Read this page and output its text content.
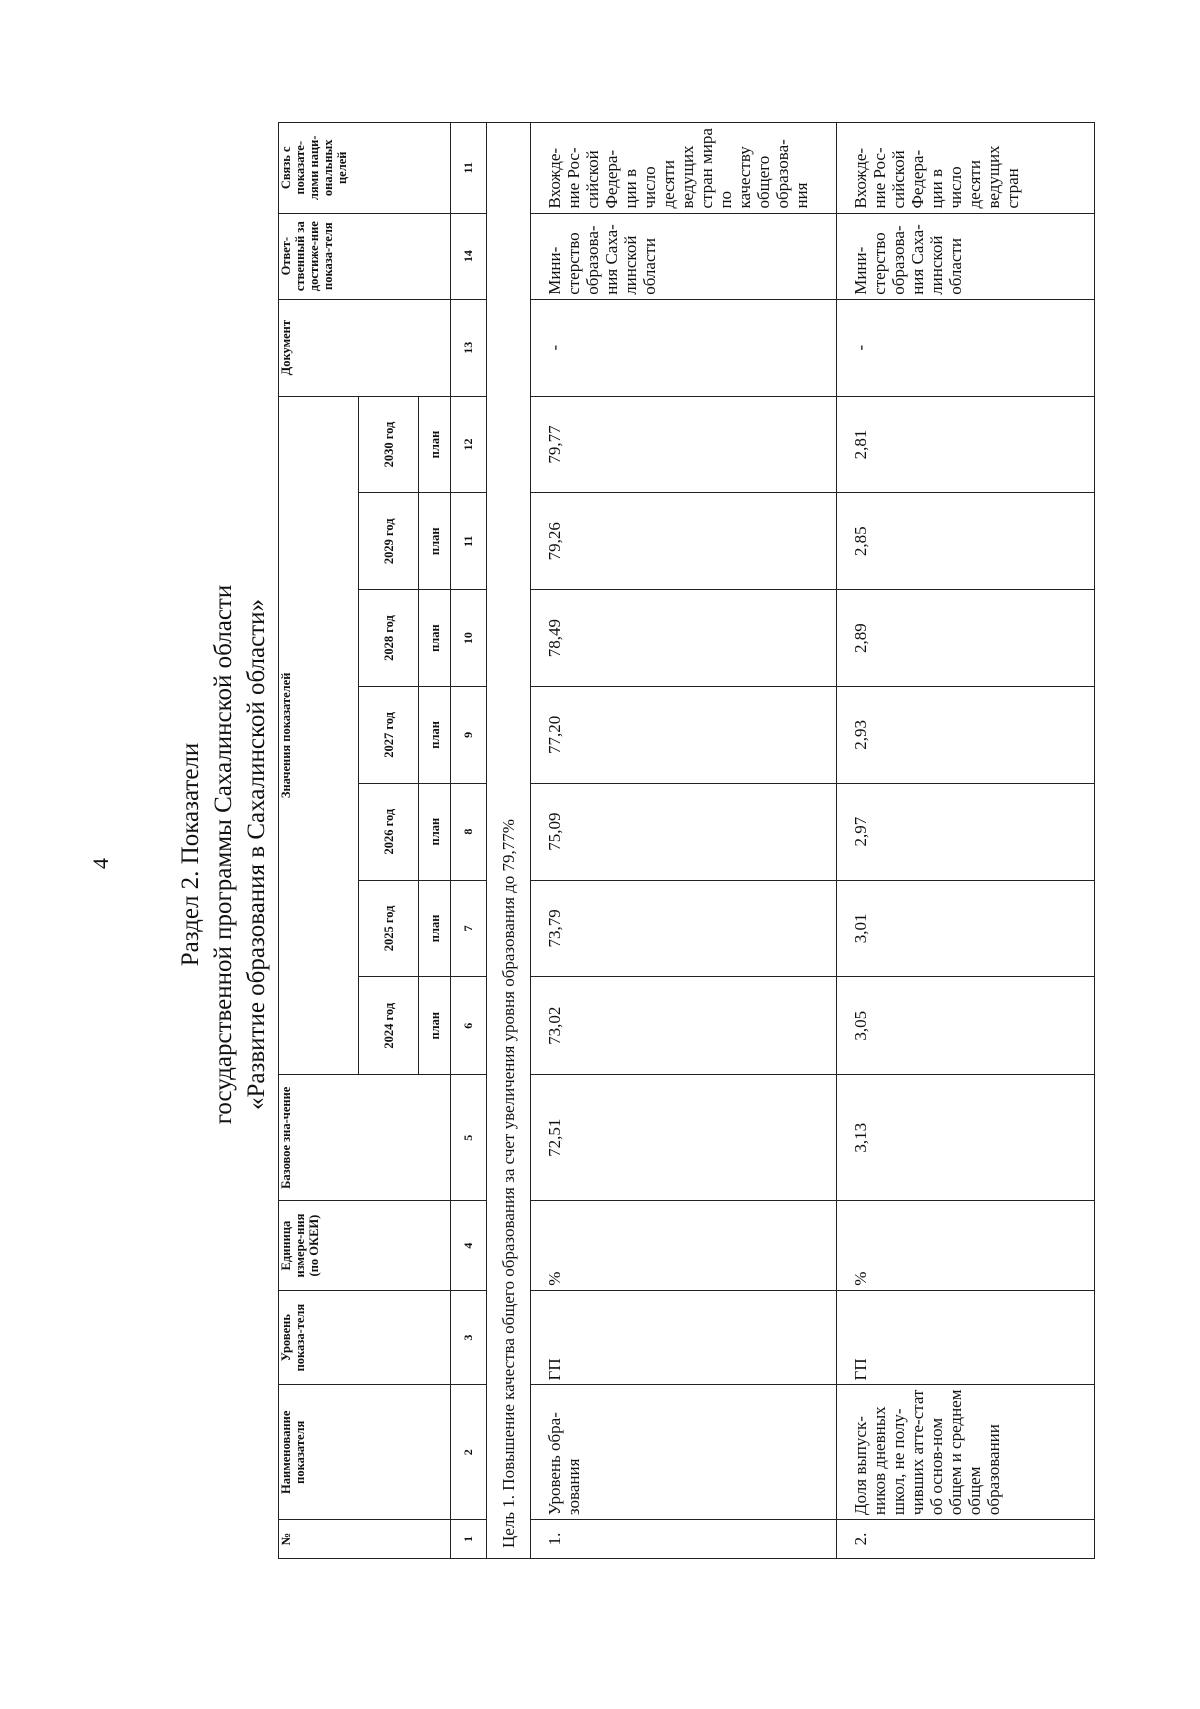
4	Раздел 2. Показатели государственной программы Сахалинской области «Развитие образования в Сахалинской области»
№	Наименование показателя	Уровень показа-теля	Единица измере-ния (по ОКЕИ)	Базовое зна-чение	Значения показателей							Документ	Ответ-ственный за достиже-ние показа-теля	Связь с показате-лями наци-ональных целей
					2024 год	2025 год	2026 год	2027 год	2028 год	2029 год	2030 год			
					план	план	план	план	план	план	план			
1	2	3	4	5	6	7	8	9	10	11	12	13	14	11
Цель 1. Повышение качества общего образования за счет увеличения уровня образования до 79,77%														
1.	Уровень обра-зования	ГП	%	72,51	73,02	73,79	75,09	77,20	78,49	79,26	79,77	-	Мини-стерство образова-ния Саха-линской области	Вхожде-ние Рос-сийской Федера-ции в число десяти ведущих стран мира по качеству общего образова-ния
2.	Доля выпуск-ников дневных школ, не полу-чивших атте-стат об основ-ном общем и среднем общем образовании	ГП	%	3,13	3,05	3,01	2,97	2,93	2,89	2,85	2,81	-	Мини-стерство образова-ния Саха-линской области	Вхожде-ние Рос-сийской Федера-ции в число десяти ведущих стран
